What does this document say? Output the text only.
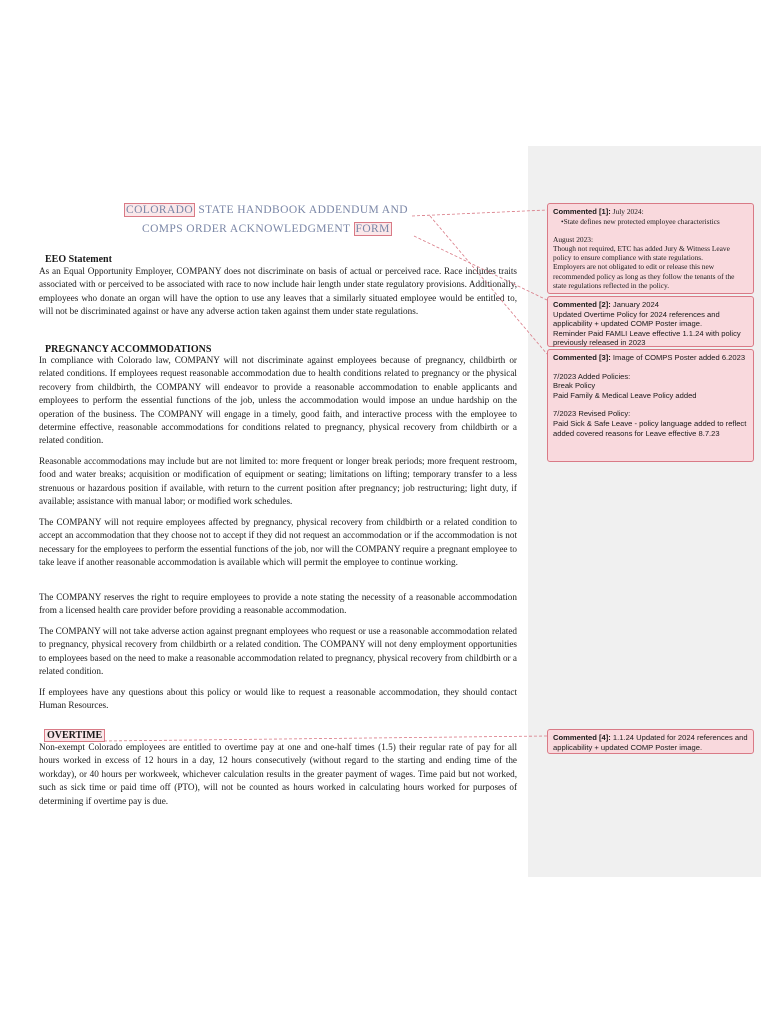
COLORADO STATE HANDBOOK ADDENDUM AND
COMPS ORDER ACKNOWLEDGMENT FORM
EEO Statement
As an Equal Opportunity Employer, COMPANY does not discriminate on basis of actual or perceived race. Race includes traits associated with or perceived to be associated with race to now include hair length under state regulatory provisions. Additionally, employees who donate an organ will have the option to use any leaves that a similarly situated employee would be entitled to, will not be discriminated against or have any adverse action taken against them under state regulations.
PREGNANCY ACCOMMODATIONS
In compliance with Colorado law, COMPANY will not discriminate against employees because of pregnancy, childbirth or related conditions. If employees request reasonable accommodation due to health conditions related to pregnancy or the physical recovery from childbirth, the COMPANY will endeavor to provide a reasonable accommodation to enable applicants and employees to perform the essential functions of the job, unless the accommodation would impose an undue hardship on the operation of the business. The COMPANY will engage in a timely, good faith, and interactive process with the employee to determine effective, reasonable accommodations for conditions related to pregnancy, physical recovery from childbirth or a related condition.
Reasonable accommodations may include but are not limited to: more frequent or longer break periods; more frequent restroom, food and water breaks; acquisition or modification of equipment or seating; limitations on lifting; temporary transfer to a less strenuous or hazardous position if available, with return to the current position after pregnancy; job restructuring; light duty, if available; assistance with manual labor; or modified work schedules.
The COMPANY will not require employees affected by pregnancy, physical recovery from childbirth or a related condition to accept an accommodation that they choose not to accept if they did not request an accommodation or if the accommodation is not necessary for the employees to perform the essential functions of the job, nor will the COMPANY require a pregnant employee to take leave if another reasonable accommodation is available which will permit the employee to continue working.
The COMPANY reserves the right to require employees to provide a note stating the necessity of a reasonable accommodation from a licensed health care provider before providing a reasonable accommodation.
The COMPANY will not take adverse action against pregnant employees who request or use a reasonable accommodation related to pregnancy, physical recovery from childbirth or a related condition. The COMPANY will not deny employment opportunities to employees based on the need to make a reasonable accommodation related to pregnancy, physical recovery from childbirth or a related condition.
If employees have any questions about this policy or would like to request a reasonable accommodation, they should contact Human Resources.
OVERTIME
Non-exempt Colorado employees are entitled to overtime pay at one and one-half times (1.5) their regular rate of pay for all hours worked in excess of 12 hours in a day, 12 hours consecutively (without regard to the starting and ending time of the workday), or 40 hours per workweek, whichever calculation results in the greater payment of wages. Time paid but not worked, such as sick time or paid time off (PTO), will not be counted as hours worked in calculating hours worked for purposes of determining if overtime pay is due.

Commented [1]: July 2024:

•State defines new protected employee characteristics

August 2023:

Though not required, ETC has added Jury & Witness Leave policy to ensure compliance with state regulations.

Employers are not obligated to edit or release this new recommended policy as long as they follow the tenants of the state regulations reflected in the policy.

Commented [2]: January 2024

Updated Overtime Policy for 2024 references and applicability + updated COMP Poster image.

Reminder Paid FAMLI Leave effective 1.1.24 with policy previously released in 2023

Commented [3]: Image of COMPS Poster added 6.2023

7/2023 Added Policies:

Break Policy

Paid Family & Medical Leave Policy added

7/2023 Revised Policy:

Paid Sick & Safe Leave - policy language added to reflect added covered reasons for Leave effective 8.7.23

Commented [4]: 1.1.24 Updated for 2024 references and applicability + updated COMP Poster image.
